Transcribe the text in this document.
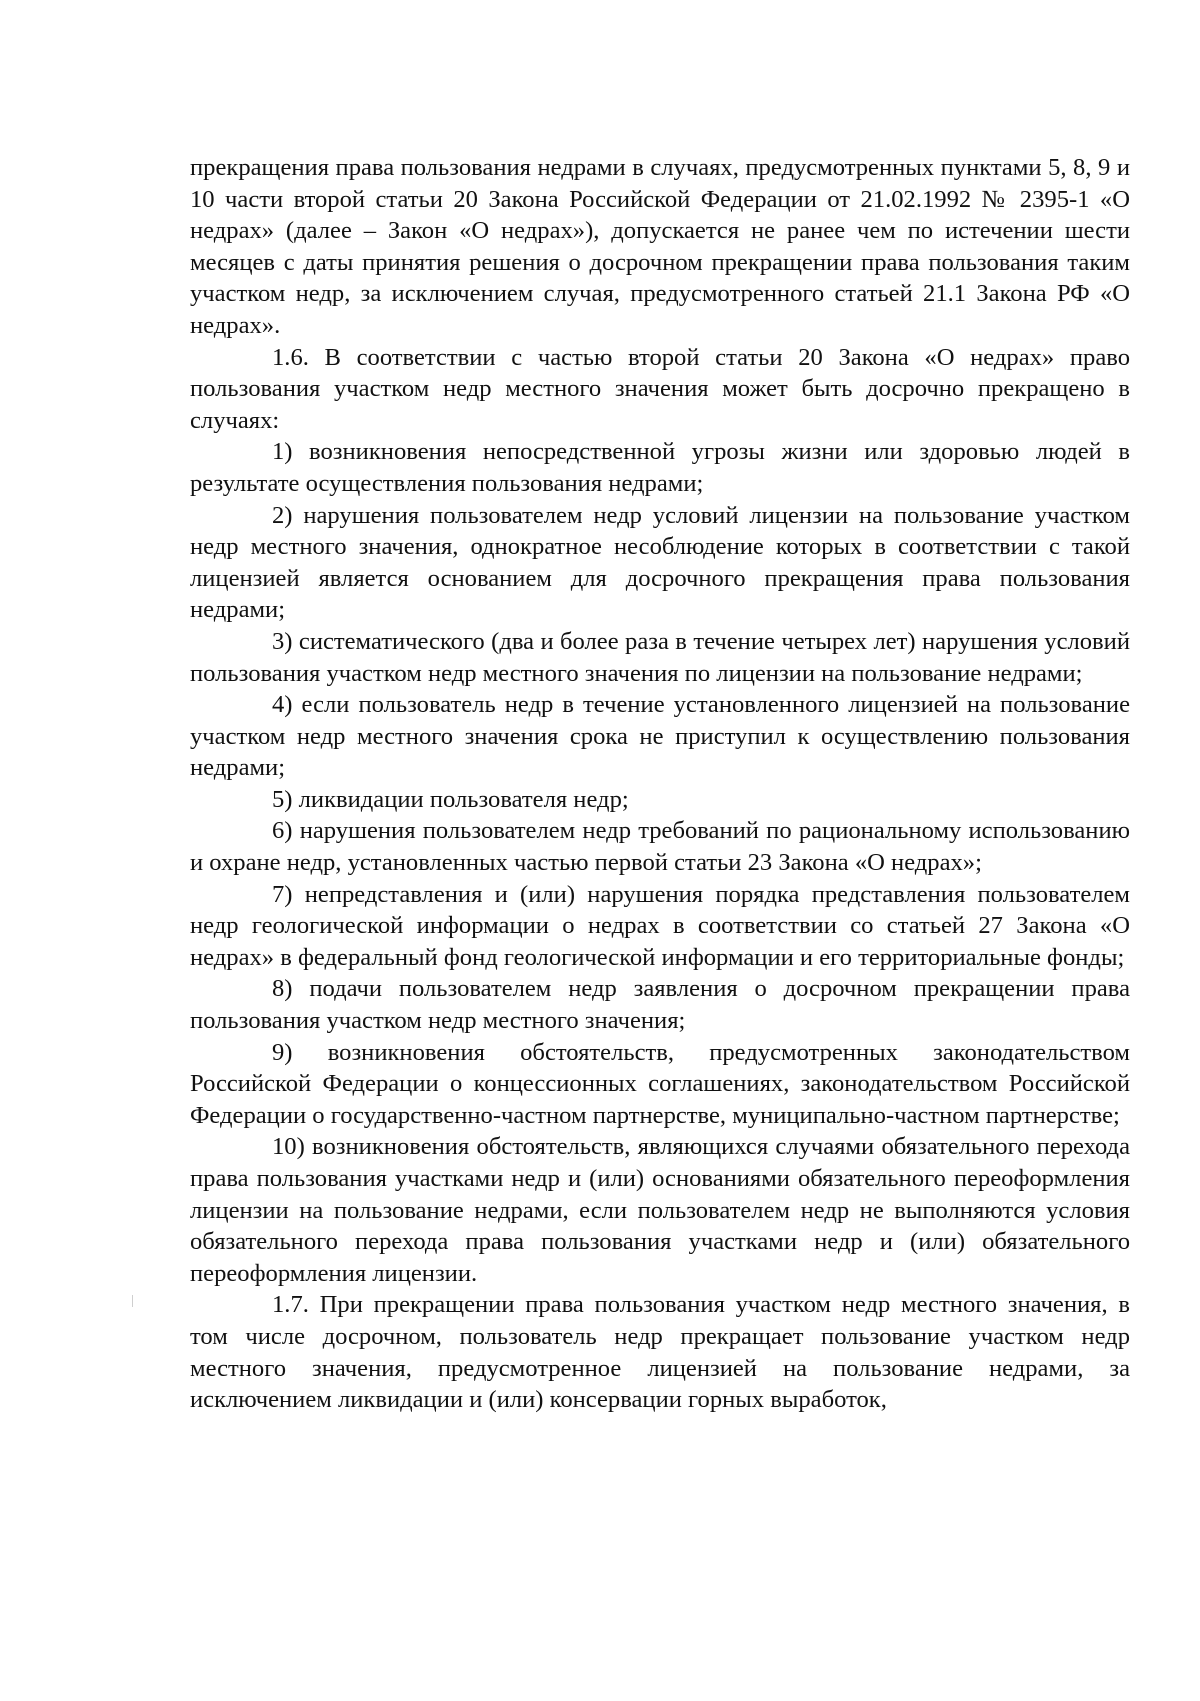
прекращения права пользования недрами в случаях, предусмотренных пунктами 5, 8, 9 и 10 части второй статьи 20 Закона Российской Федерации от 21.02.1992 № 2395-1 «О недрах» (далее – Закон «О недрах»), допускается не ранее чем по истечении шести месяцев с даты принятия решения о досрочном прекращении права пользования таким участком недр, за исключением случая, предусмотренного статьей 21.1 Закона РФ «О недрах».

1.6. В соответствии с частью второй статьи 20 Закона «О недрах» право пользования участком недр местного значения может быть досрочно прекращено в случаях:

1) возникновения непосредственной угрозы жизни или здоровью людей в результате осуществления пользования недрами;

2) нарушения пользователем недр условий лицензии на пользование участком недр местного значения, однократное несоблюдение которых в соответствии с такой лицензией является основанием для досрочного прекращения права пользования недрами;

3) систематического (два и более раза в течение четырех лет) нарушения условий пользования участком недр местного значения по лицензии на пользование недрами;

4) если пользователь недр в течение установленного лицензией на пользование участком недр местного значения срока не приступил к осуществлению пользования недрами;

5) ликвидации пользователя недр;

6) нарушения пользователем недр требований по рациональному использованию и охране недр, установленных частью первой статьи 23 Закона «О недрах»;

7) непредставления и (или) нарушения порядка представления пользователем недр геологической информации о недрах в соответствии со статьей 27 Закона «О недрах» в федеральный фонд геологической информации и его территориальные фонды;

8) подачи пользователем недр заявления о досрочном прекращении права пользования участком недр местного значения;

9) возникновения обстоятельств, предусмотренных законодательством Российской Федерации о концессионных соглашениях, законодательством Российской Федерации о государственно-частном партнерстве, муниципально-частном партнерстве;

10) возникновения обстоятельств, являющихся случаями обязательного перехода права пользования участками недр и (или) основаниями обязательного переоформления лицензии на пользование недрами, если пользователем недр не выполняются условия обязательного перехода права пользования участками недр и (или) обязательного переоформления лицензии.

1.7. При прекращении права пользования участком недр местного значения, в том числе досрочном, пользователь недр прекращает пользование участком недр местного значения, предусмотренное лицензией на пользование недрами, за исключением ликвидации и (или) консервации горных выработок,
